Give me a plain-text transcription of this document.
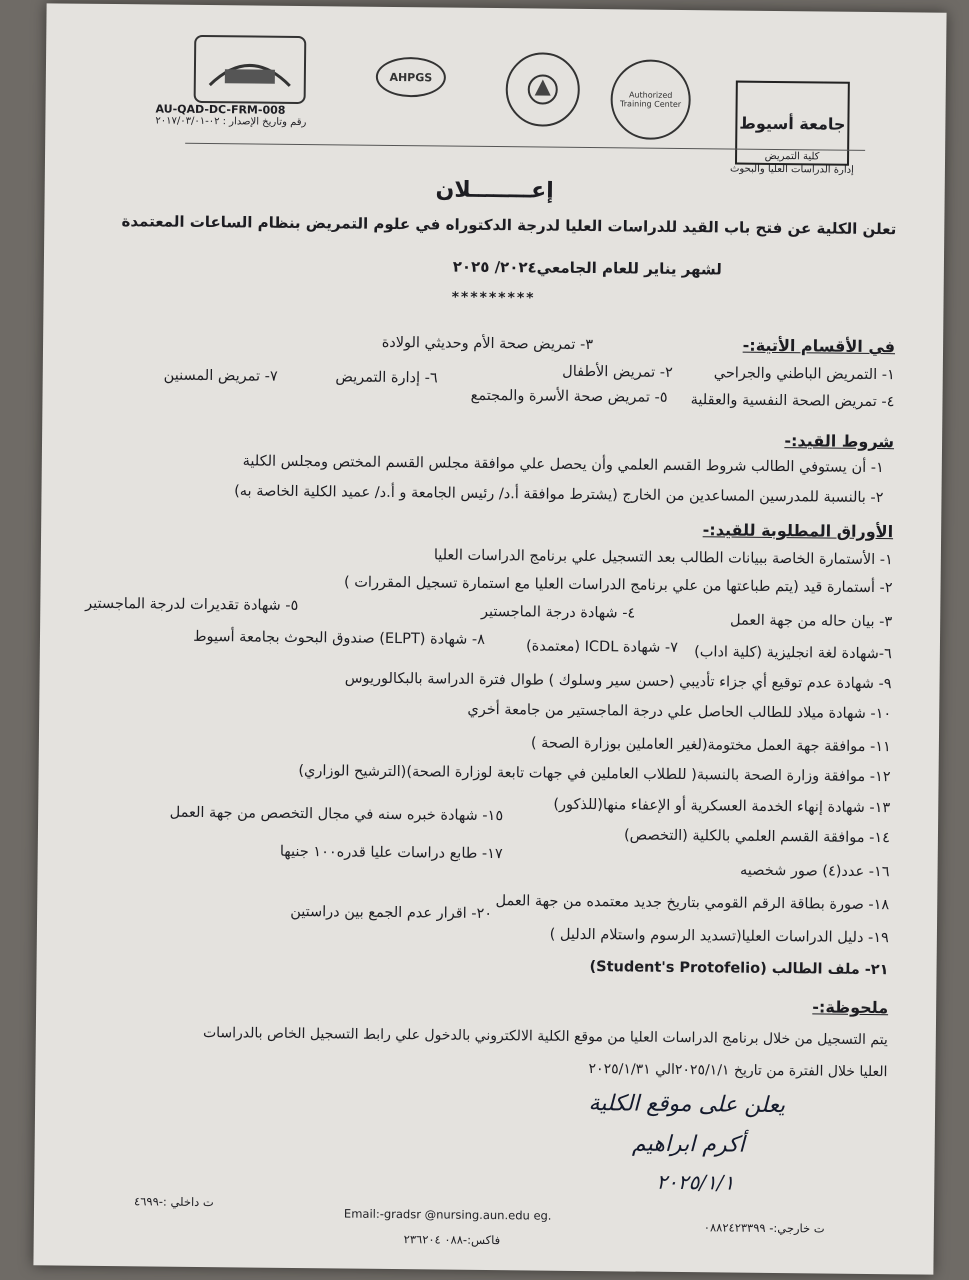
AHPGS
Authorized Training Center
جامعة أسيوط
كلية التمريض
إدارة الدراسات العليا والبحوث
AU-QAD-DC-FRM-008
رقم وتاريخ الإصدار : ٠٢-٢٠١٧/٠٣/٠١
إعــــــــلان
تعلن الكلية عن فتح باب القيد للدراسات العليا لدرجة الدكتوراه في علوم التمريض بنظام الساعات المعتمدة
لشهر يناير للعام الجامعي٢٠٢٤/ ٢٠٢٥
*********
في الأقسام الأتية:-
٣- تمريض صحة الأم وحديثي الولادة
١- التمريض الباطني والجراحي
٢- تمريض الأطفال
٤- تمريض الصحة النفسية والعقلية
٥- تمريض صحة الأسرة والمجتمع
٦- إدارة التمريض
٧- تمريض المسنين
شروط القيد:-
١- أن يستوفي الطالب شروط القسم العلمي وأن يحصل علي موافقة مجلس القسم المختص ومجلس الكلية
٢- بالنسبة للمدرسين المساعدين من الخارج (يشترط موافقة أ.د/ رئيس الجامعة و أ.د/ عميد الكلية الخاصة به)
الأوراق المطلوبة للقيد:-
١- الأستمارة الخاصة ببيانات الطالب بعد التسجيل علي برنامج الدراسات العليا
٢- أستمارة قيد (يتم طباعتها من علي برنامج الدراسات العليا مع استمارة تسجيل المقررات )
٥- شهادة تقديرات لدرجة الماجستير
٣- بيان حاله من جهة العمل
٤- شهادة درجة الماجستير
٦-شهادة لغة انجليزية (كلية اداب)
٧- شهادة ICDL (معتمدة)
٨- شهادة (ELPT) صندوق البحوث بجامعة أسيوط
٩- شهادة عدم توقيع أي جزاء تأديبي (حسن سير وسلوك ) طوال فترة الدراسة بالبكالوريوس
١٠- شهادة ميلاد للطالب الحاصل علي درجة الماجستير من جامعة أخري
١١- موافقة جهة العمل مختومة(لغير العاملين بوزارة الصحة )
١٢- موافقة وزارة الصحة بالنسبة( للطلاب العاملين في جهات تابعة لوزارة الصحة)(الترشيح الوزاري)
١٣- شهادة إنهاء الخدمة العسكرية أو الإعفاء منها(للذكور)
١٤- موافقة القسم العلمي بالكلية (التخصص)
١٥- شهادة خبره سنه في مجال التخصص من جهة العمل
١٦- عدد(٤) صور شخصيه
١٧- طابع دراسات عليا قدره١٠٠ جنيها
١٨- صورة بطاقة الرقم القومي بتاريخ جديد معتمده من جهة العمل
١٩- دليل الدراسات العليا(تسديد الرسوم واستلام الدليل )
٢٠- اقرار عدم الجمع بين دراستين
٢١- ملف الطالب (Student's Protofelio)
ملحوظة:-
يتم التسجيل من خلال برنامج الدراسات العليا من موقع الكلية الالكتروني بالدخول علي رابط التسجيل الخاص بالدراسات
العليا خلال الفترة من تاريخ ٢٠٢٥/١/١الي ٢٠٢٥/١/٣١
يعلن على موقع الكلية
أكرم ابراهيم
٢٠٢٥/١/١
ت داخلي :-٤٦٩٩
Email:-gradsr @nursing.aun.edu eg.
ت خارجي:- ٠٨٨٢٤٢٣٣٩٩
فاكس:-٠٨٨ ٢٣٦٢٠٤
